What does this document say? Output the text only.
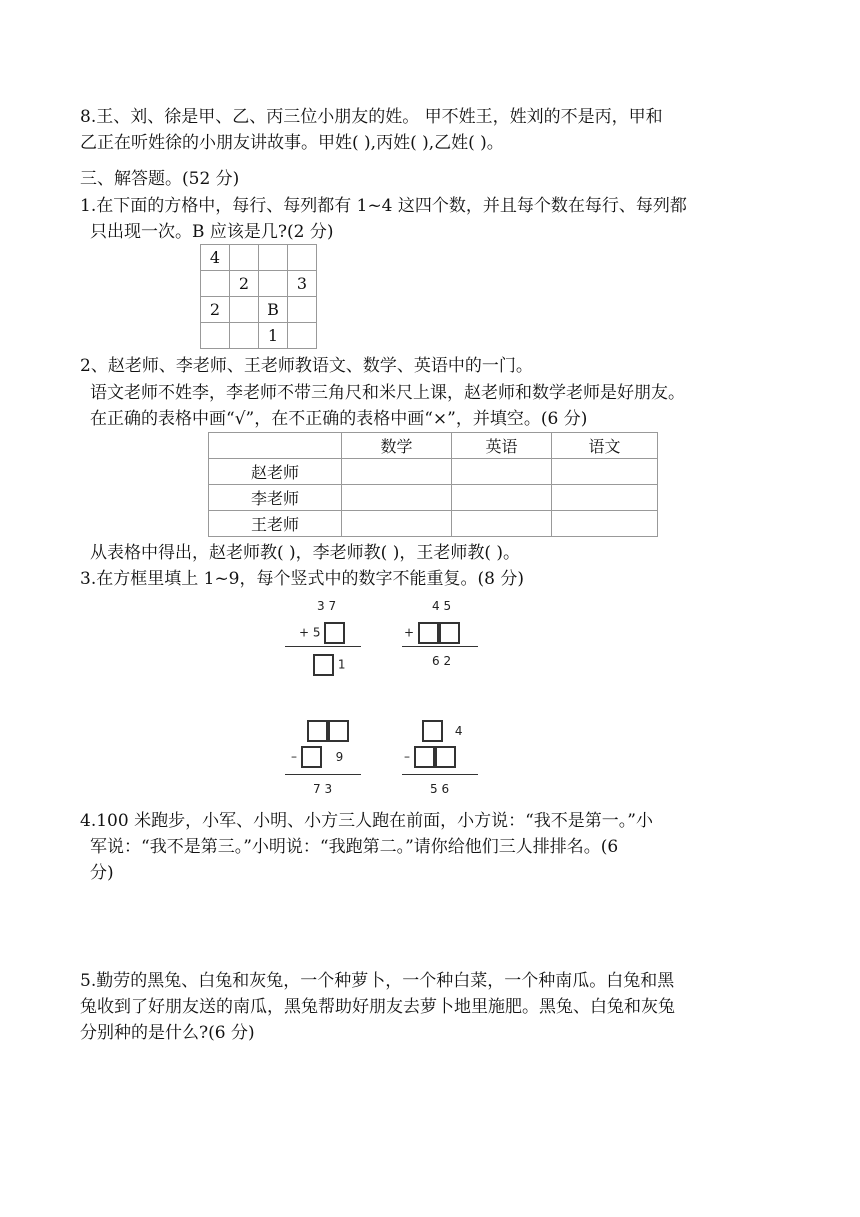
8.王、刘、徐是甲、乙、丙三位小朋友的姓。 甲不姓王，姓刘的不是丙，甲和

乙正在听姓徐的小朋友讲故事。甲姓( ),丙姓( ),乙姓( )。

三、解答题。(52 分)

1.在下面的方格中，每行、每列都有 1~4 这四个数，并且每个数在每行、每列都

只出现一次。B 应该是几?(2 分)

4			
	2		3
2		B	
		1	

2、赵老师、李老师、王老师教语文、数学、英语中的一门。

语文老师不姓李，李老师不带三角尺和米尺上课，赵老师和数学老师是好朋友。

在正确的表格中画“√”，在不正确的表格中画“×”，并填空。(6 分)

	数学	英语	语文
赵老师			
李老师			
王老师			

从表格中得出，赵老师教( )，李老师教( )，王老师教( )。

3.在方框里填上 1~9，每个竖式中的数字不能重复。(8 分)

3 7
+ 5
1
4 5
+
6 2
–	9
7 3
4
–
5 6

4.100 米跑步，小军、小明、小方三人跑在前面，小方说：“我不是第一。”小

军说：“我不是第三。”小明说：“我跑第二。”请你给他们三人排排名。(6

分)

5.勤劳的黑兔、白兔和灰兔，一个种萝卜，一个种白菜，一个种南瓜。白兔和黑

兔收到了好朋友送的南瓜，黑兔帮助好朋友去萝卜地里施肥。黑兔、白兔和灰兔

分别种的是什么?(6 分)
